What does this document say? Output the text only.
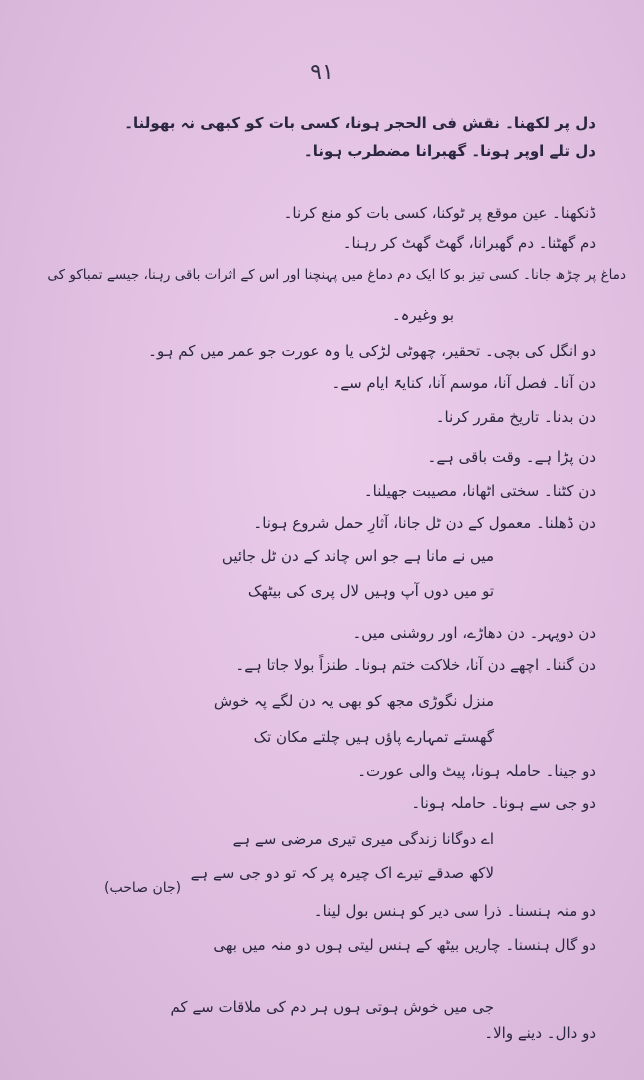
٩١
دل پر لکھنا۔ نقش فی الحجر ہونا، کسی بات کو کبھی نہ بھولنا۔
دل تلے اوپر ہونا۔ گھبرانا مضطرب ہونا۔
ڈنکھنا۔ عین موقع پر ٹوکنا، کسی بات کو منع کرنا۔
دم گھٹنا۔ دم گھبرانا، گھٹ گھٹ کر رہنا۔
دماغ پر چڑھ جانا۔ کسی تیز بو کا ایک دم دماغ میں پہنچنا اور اس کے اثرات باقی رہنا، جیسے تمباکو کی
بو وغیرہ۔
دو انگل کی بچی۔ تحقیر، چھوٹی لڑکی یا وہ عورت جو عمر میں کم ہو۔
دن آنا۔ فصل آنا، موسم آنا، کنایۃً ایام سے۔
دن بدنا۔ تاریخ مقرر کرنا۔
دن پڑا ہے۔ وقت باقی ہے۔
دن کٹنا۔ سختی اٹھانا، مصیبت جھیلنا۔
دن ڈھلنا۔ معمول کے دن ٹل جانا، آثارِ حمل شروع ہونا۔
میں نے مانا ہے جو اس چاند کے دن ٹل جائیں
تو میں دوں آپ وہیں لال پری کی بیٹھک
دن دوپہر۔ دن دھاڑے، اور روشنی میں۔
دن گننا۔ اچھے دن آنا، خلاکت ختم ہونا۔ طنزاً بولا جاتا ہے۔
منزل نگوڑی مجھ کو بھی یہ دن لگے پہ خوش
گھستے تمہارے پاؤں ہیں چلتے مکان تک
دو جینا۔ حاملہ ہونا، پیٹ والی عورت۔
دو جی سے ہونا۔ حاملہ ہونا۔
اے دوگانا زندگی میری تیری مرضی سے ہے
لاکھ صدقے تیرے اک چیرہ پر کہ تو دو جی سے ہے
(جان صاحب)
دو منہ ہنسنا۔ ذرا سی دیر کو ہنس بول لینا۔
دو گال ہنسنا۔ چاریں بیٹھ کے ہنس لیتی ہوں دو منہ میں بھی
جی میں خوش ہوتی ہوں ہر دم کی ملاقات سے کم
دو دال۔ دینے والا۔
